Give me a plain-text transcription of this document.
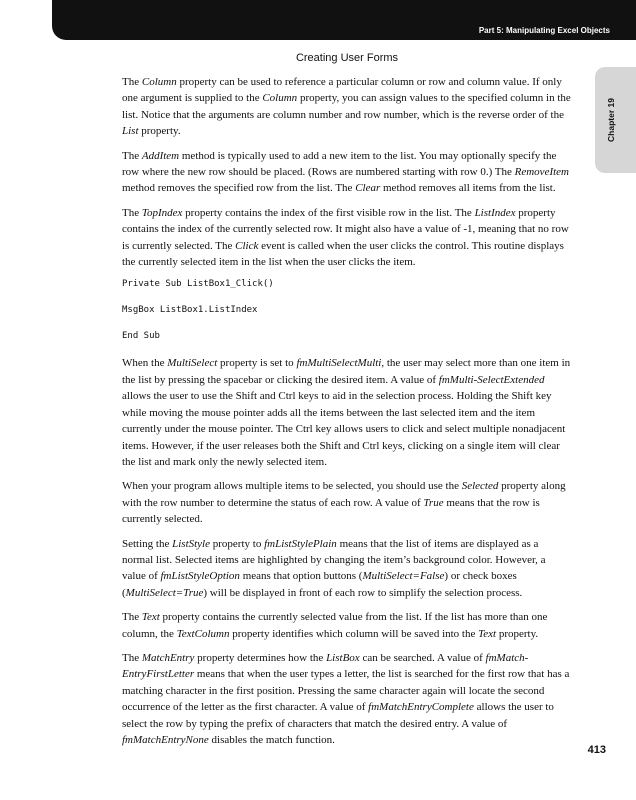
Part 5: Manipulating Excel Objects
Chapter 19
Creating User Forms

The Column property can be used to reference a particular column or row and column value. If only one argument is supplied to the Column property, you can assign values to the specified column in the list. Notice that the arguments are column number and row number, which is the reverse order of the List property.

The AddItem method is typically used to add a new item to the list. You may optionally specify the row where the new row should be placed. (Rows are numbered starting with row 0.) The RemoveItem method removes the specified row from the list. The Clear method removes all items from the list.

The TopIndex property contains the index of the first visible row in the list. The ListIndex property contains the index of the currently selected row. It might also have a value of -1, meaning that no row is currently selected. The Click event is called when the user clicks the control. This routine displays the currently selected item in the list when the user clicks the item.

Private Sub ListBox1_Click()

MsgBox ListBox1.ListIndex

End Sub

When the MultiSelect property is set to fmMultiSelectMulti, the user may select more than one item in the list by pressing the spacebar or clicking the desired item. A value of fmMulti-SelectExtended allows the user to use the Shift and Ctrl keys to aid in the selection process. Holding the Shift key while moving the mouse pointer adds all the items between the last selected item and the item currently under the mouse pointer. The Ctrl key allows users to click and select multiple nonadjacent items. However, if the user releases both the Shift and Ctrl keys, clicking on a single item will clear the list and mark only the newly selected item.

When your program allows multiple items to be selected, you should use the Selected property along with the row number to determine the status of each row. A value of True means that the row is currently selected.

Setting the ListStyle property to fmListStylePlain means that the list of items are displayed as a normal list. Selected items are highlighted by changing the item’s background color. However, a value of fmListStyleOption means that option buttons (MultiSelect=False) or check boxes (MultiSelect=True) will be displayed in front of each row to simplify the selection process.

The Text property contains the currently selected value from the list. If the list has more than one column, the TextColumn property identifies which column will be saved into the Text property.

The MatchEntry property determines how the ListBox can be searched. A value of fmMatch-EntryFirstLetter means that when the user types a letter, the list is searched for the first row that has a matching character in the first position. Pressing the same character again will locate the second occurrence of the letter as the first character. A value of fmMatchEntryComplete allows the user to select the row by typing the prefix of characters that match the desired entry. A value of fmMatchEntryNone disables the match function.

413
